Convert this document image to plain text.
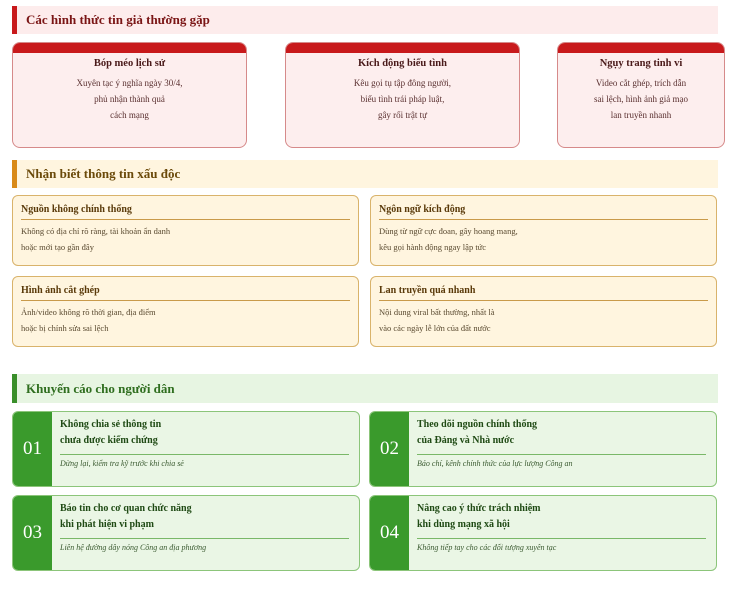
Các hình thức tin giả thường gặp
Bóp méo lịch sử
Xuyên tạc ý nghĩa ngày 30/4,
phủ nhận thành quả
cách mạng
Kích động biểu tình
Kêu gọi tụ tập đông người,
biểu tình trái pháp luật,
gây rối trật tự
Ngụy trang tinh vi
Video cắt ghép, trích dẫn
sai lệch, hình ảnh giả mạo
lan truyền nhanh
Nhận biết thông tin xấu độc
Nguồn không chính thống
Không có địa chỉ rõ ràng, tài khoản ẩn danh
hoặc mới tạo gần đây
Ngôn ngữ kích động
Dùng từ ngữ cực đoan, gây hoang mang,
kêu gọi hành động ngay lập tức
Hình ảnh cắt ghép
Ảnh/video không rõ thời gian, địa điểm
hoặc bị chỉnh sửa sai lệch
Lan truyền quá nhanh
Nội dung viral bất thường, nhất là
vào các ngày lễ lớn của đất nước
Khuyến cáo cho người dân
01
Không chia sẻ thông tin
chưa được kiểm chứng
Dừng lại, kiểm tra kỹ trước khi chia sẻ
02
Theo dõi nguồn chính thống
của Đảng và Nhà nước
Báo chí, kênh chính thức của lực lượng Công an
03
Báo tin cho cơ quan chức năng
khi phát hiện vi phạm
Liên hệ đường dây nóng Công an địa phương
04
Nâng cao ý thức trách nhiệm
khi dùng mạng xã hội
Không tiếp tay cho các đối tượng xuyên tạc
